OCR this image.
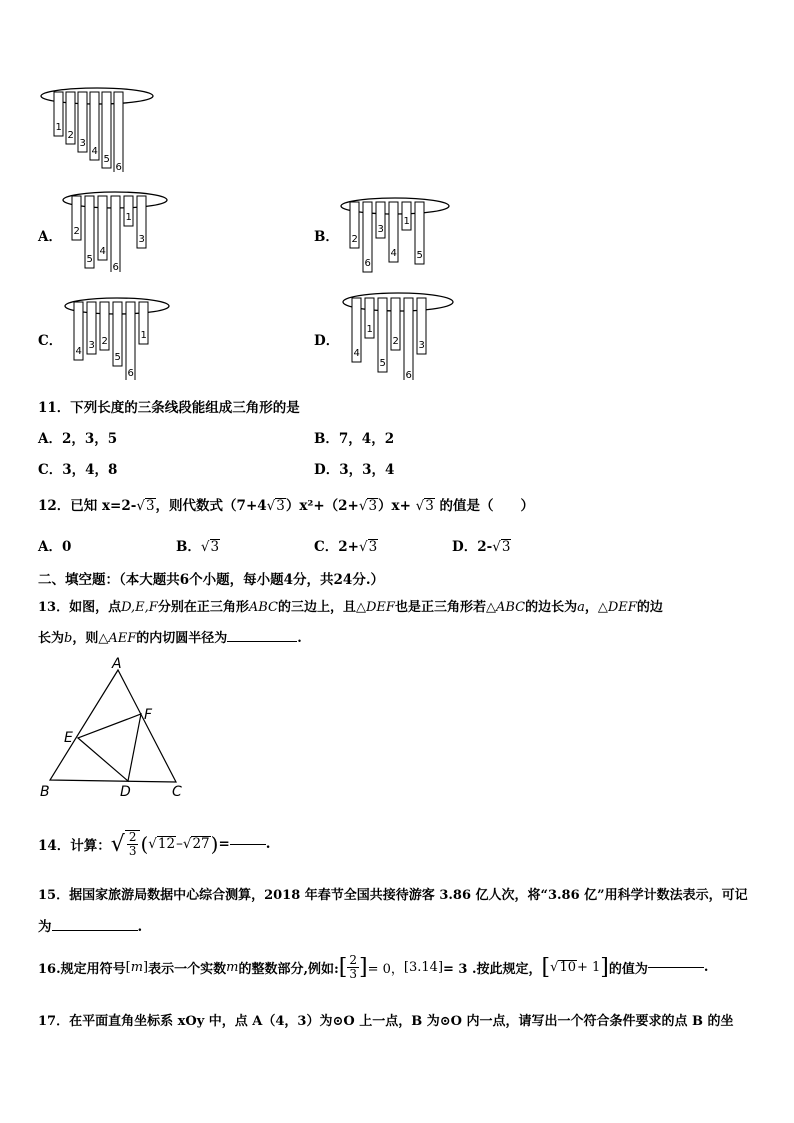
1
2
3
4
5
6
A． 2
5
4
6
1
3	B． 2
6
3
4
1
5
C．
4
3 2
5
6
1	D．
4
1
5
2
6
3
11．下列长度的三条线段能组成三角形的是
A．2，3，5	B．7，4，2
C．3，4，8	D．3，3，4
12．已知 x=2-√3，则代数式（7+4√3）x²+（2+√3）x+ √3 的值是（　　）
A．0	B．√3	C．2+√3	D．2-√3
二、填空题：（本大题共6个小题，每小题4分，共24分.）
13．如图，点D,E,F分别在正三角形ABC的三边上，且△DEF也是正三角形若△ABC的边长为a，△DEF的边
长为b，则△AEF的内切圆半径为	.
A
F
E
B	D	C
14．计算： √ $\frac{2}{3}$ ( √ 12 – √ 27 ) =	.
15．据国家旅游局数据中心综合测算，2018 年春节全国共接待游客 3.86 亿人次，将“3.86 亿”用科学计数法表示，可记
为	.
16.规定用符号 [ m ] 表示一个实数 m 的整数部分,例如: [ $\frac{2}{3}$ ] = 0， [ 3.14 ] = 3 .按此规定， [ √ 10 + 1 ] 的值为	.
17．在平面直角坐标系 xOy 中，点 A（4，3）为⊙O 上一点，B 为⊙O 内一点，请写出一个符合条件要求的点 B 的坐
